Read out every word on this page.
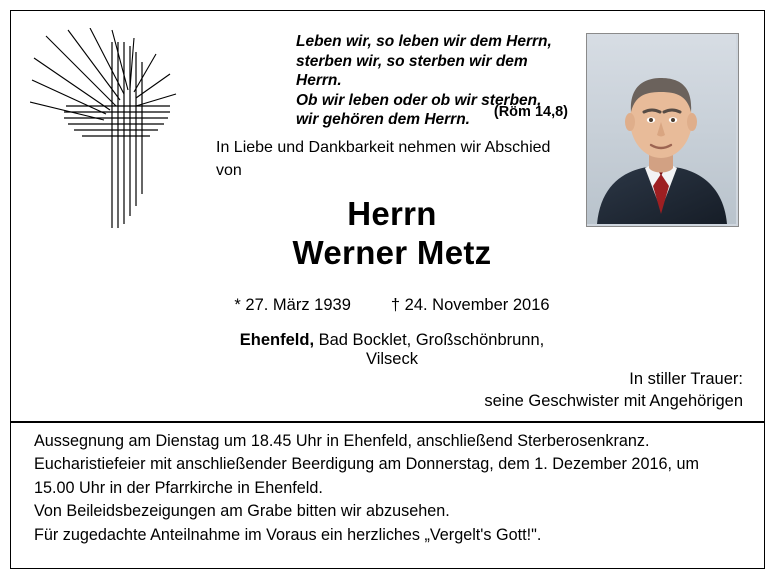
Leben wir, so leben wir dem Herrn,
sterben wir, so sterben wir dem Herrn.
Ob wir leben oder ob wir sterben,
wir gehören dem Herrn.	(Röm 14,8)
In Liebe und Dankbarkeit nehmen wir Abschied von
Herrn
Werner Metz
* 27. März 1939 † 24. November 2016
Ehenfeld, Bad Bocklet, Großschönbrunn, Vilseck
In stiller Trauer:
seine Geschwister mit Angehörigen

Aussegnung am Dienstag um 18.45 Uhr in Ehenfeld, anschließend Sterberosenkranz.

Eucharistiefeier mit anschließender Beerdigung am Donnerstag, dem 1. Dezember 2016, um 15.00 Uhr in der Pfarrkirche in Ehenfeld.

Von Beileidsbezeigungen am Grabe bitten wir abzusehen.

Für zugedachte Anteilnahme im Voraus ein herzliches „Vergelt's Gott!".
